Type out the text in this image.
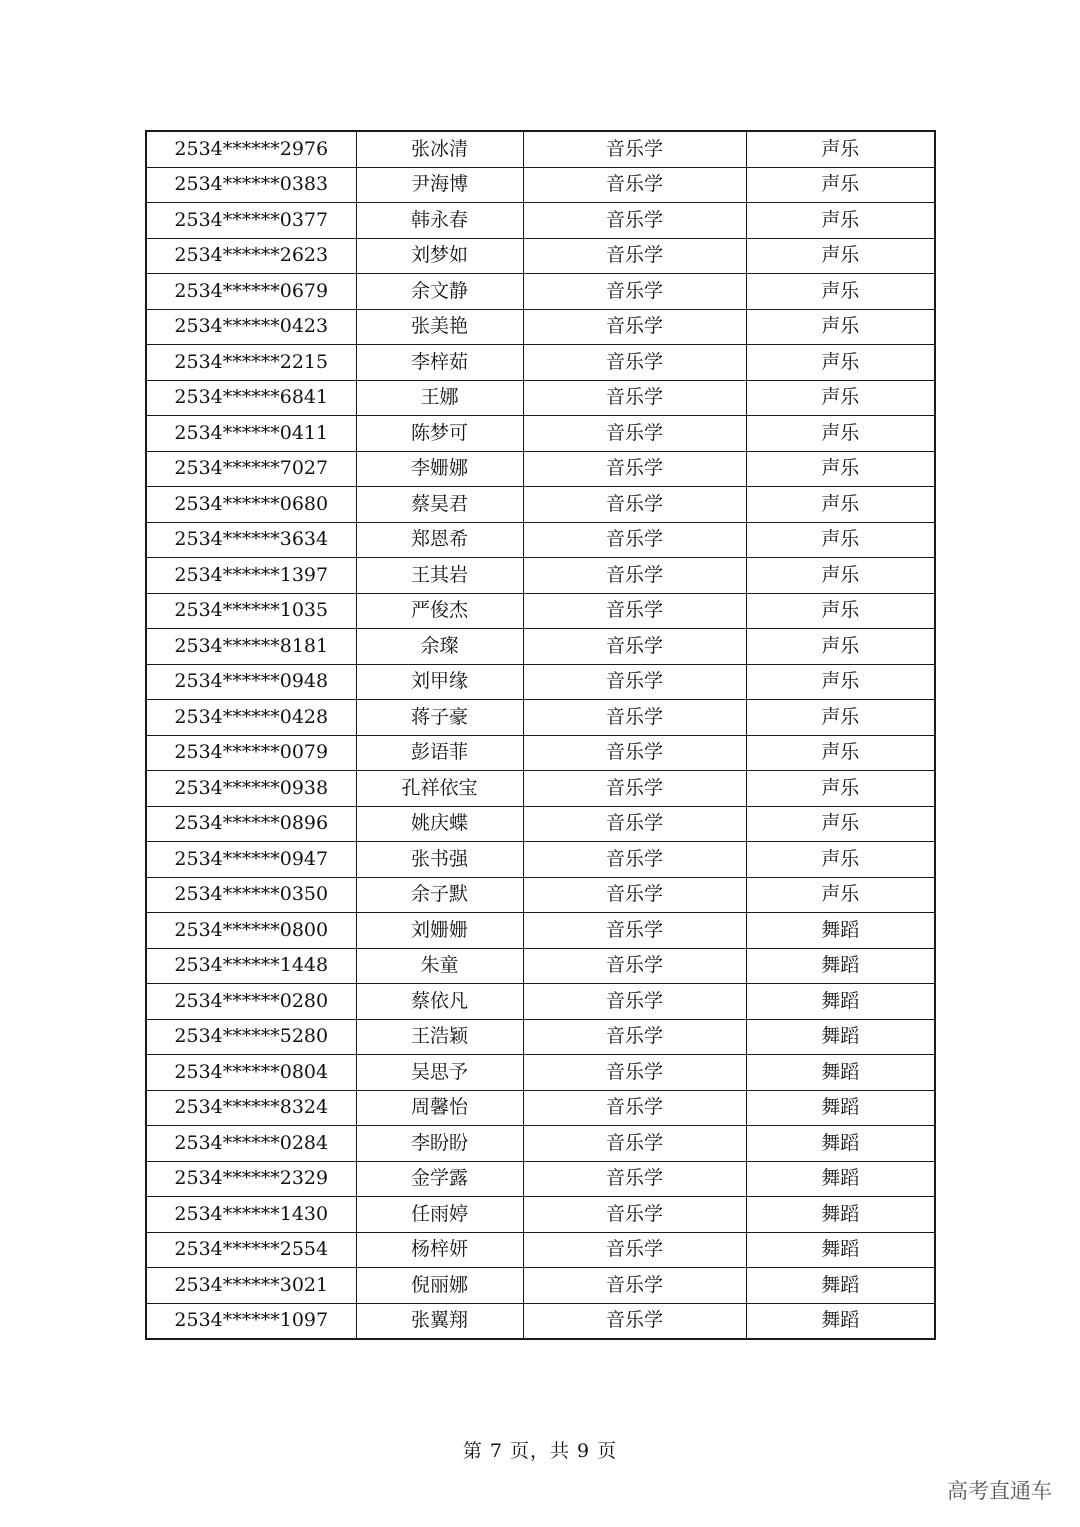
2534******2976	张冰清	音乐学	声乐
2534******0383	尹海博	音乐学	声乐
2534******0377	韩永春	音乐学	声乐
2534******2623	刘梦如	音乐学	声乐
2534******0679	余文静	音乐学	声乐
2534******0423	张美艳	音乐学	声乐
2534******2215	李梓茹	音乐学	声乐
2534******6841	王娜	音乐学	声乐
2534******0411	陈梦可	音乐学	声乐
2534******7027	李姗娜	音乐学	声乐
2534******0680	蔡昊君	音乐学	声乐
2534******3634	郑恩希	音乐学	声乐
2534******1397	王其岩	音乐学	声乐
2534******1035	严俊杰	音乐学	声乐
2534******8181	余璨	音乐学	声乐
2534******0948	刘甲缘	音乐学	声乐
2534******0428	蒋子豪	音乐学	声乐
2534******0079	彭语菲	音乐学	声乐
2534******0938	孔祥依宝	音乐学	声乐
2534******0896	姚庆蝶	音乐学	声乐
2534******0947	张书强	音乐学	声乐
2534******0350	余子默	音乐学	声乐
2534******0800	刘姗姗	音乐学	舞蹈
2534******1448	朱童	音乐学	舞蹈
2534******0280	蔡依凡	音乐学	舞蹈
2534******5280	王浩颖	音乐学	舞蹈
2534******0804	吴思予	音乐学	舞蹈
2534******8324	周馨怡	音乐学	舞蹈
2534******0284	李盼盼	音乐学	舞蹈
2534******2329	金学露	音乐学	舞蹈
2534******1430	任雨婷	音乐学	舞蹈
2534******2554	杨梓妍	音乐学	舞蹈
2534******3021	倪丽娜	音乐学	舞蹈
2534******1097	张翼翔	音乐学	舞蹈
第 7 页，共 9 页
高考直通车
